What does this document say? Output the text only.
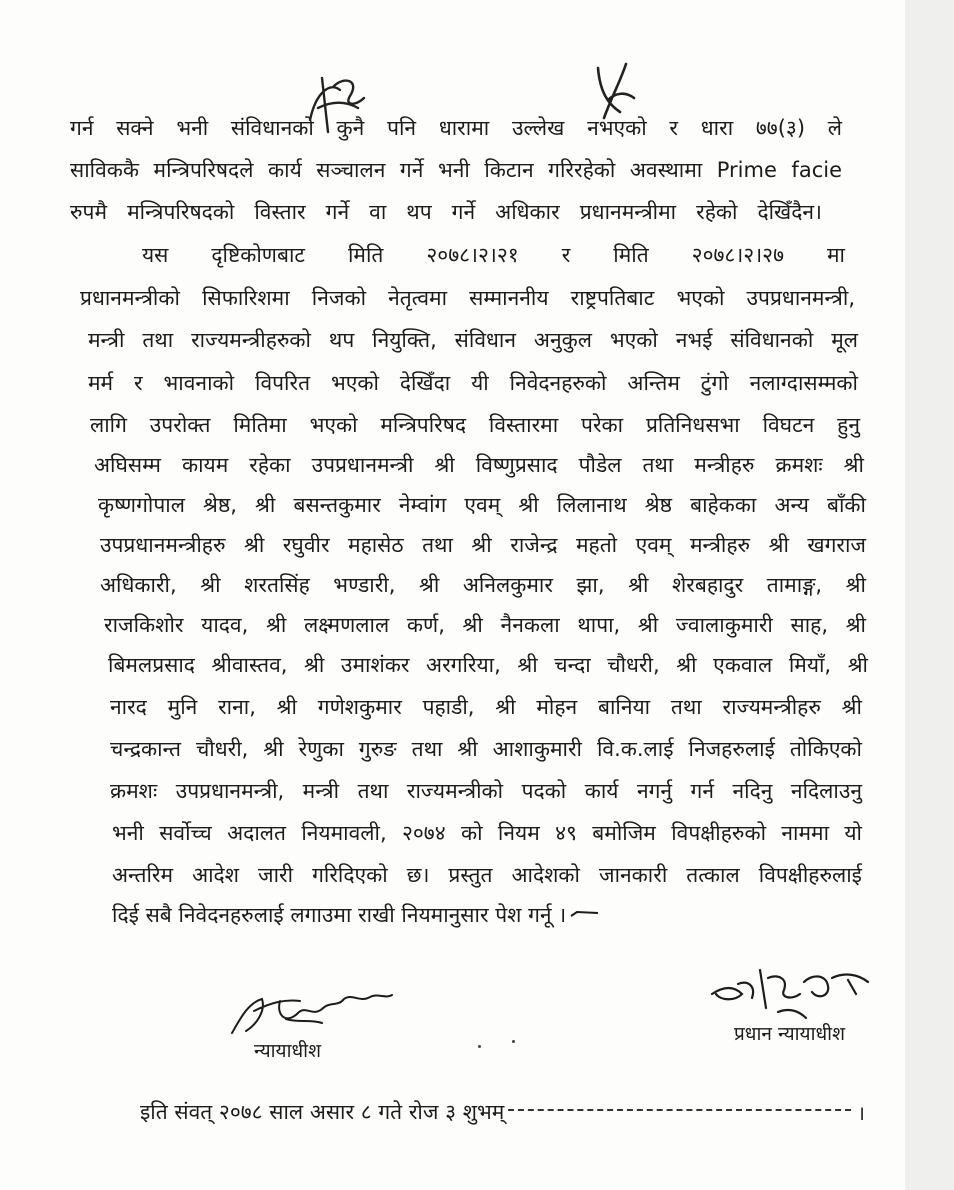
गर्न सक्ने भनी संविधानको कुनै पनि धारामा उल्लेख नभएको र धारा ७७(३) ले
साविककै मन्त्रिपरिषदले कार्य सञ्चालन गर्ने भनी किटान गरिरहेको अवस्थामा Prime facie
रुपमै मन्त्रिपरिषदको विस्तार गर्ने वा थप गर्ने अधिकार प्रधानमन्त्रीमा रहेको देखिँदैन।
यस दृष्टिकोणबाट मिति २०७८।२।२१ र मिति २०७८।२।२७ मा
प्रधानमन्त्रीको सिफारिशमा निजको नेतृत्वमा सम्माननीय राष्ट्रपतिबाट भएको उपप्रधानमन्त्री,
मन्त्री तथा राज्यमन्त्रीहरुको थप नियुक्ति, संविधान अनुकुल भएको नभई संविधानको मूल
मर्म र भावनाको विपरित भएको देखिँदा यी निवेदनहरुको अन्तिम टुंगो नलाग्दासम्मको
लागि उपरोक्त मितिमा भएको मन्त्रिपरिषद विस्तारमा परेका प्रतिनिधसभा विघटन हुनु
अघिसम्म कायम रहेका उपप्रधानमन्त्री श्री विष्णुप्रसाद पौडेल तथा मन्त्रीहरु क्रमशः श्री
कृष्णगोपाल श्रेष्ठ, श्री बसन्तकुमार नेम्वांग एवम् श्री लिलानाथ श्रेष्ठ बाहेकका अन्य बाँकी
उपप्रधानमन्त्रीहरु श्री रघुवीर महासेठ तथा श्री राजेन्द्र महतो एवम् मन्त्रीहरु श्री खगराज
अधिकारी, श्री शरतसिंह भण्डारी, श्री अनिलकुमार झा, श्री शेरबहादुर तामाङ्ग, श्री
राजकिशोर यादव, श्री लक्ष्मणलाल कर्ण, श्री नैनकला थापा, श्री ज्वालाकुमारी साह, श्री
बिमलप्रसाद श्रीवास्तव, श्री उमाशंकर अरगरिया, श्री चन्दा चौधरी, श्री एकवाल मियाँ, श्री
नारद मुनि राना, श्री गणेशकुमार पहाडी, श्री मोहन बानिया तथा राज्यमन्त्रीहरु श्री
चन्द्रकान्त चौधरी, श्री रेणुका गुरुङ तथा श्री आशाकुमारी वि.क.लाई निजहरुलाई तोकिएको
क्रमशः उपप्रधानमन्त्री, मन्त्री तथा राज्यमन्त्रीको पदको कार्य नगर्नु गर्न नदिनु नदिलाउनु
भनी सर्वोच्च अदालत नियमावली, २०७४ को नियम ४९ बमोजिम विपक्षीहरुको नाममा यो
अन्तरिम आदेश जारी गरिदिएको छ। प्रस्तुत आदेशको जानकारी तत्काल विपक्षीहरुलाई
दिई सबै निवेदनहरुलाई लगाउमा राखी नियमानुसार पेश गर्नू ।
न्यायाधीश
प्रधान न्यायाधीश
इति संवत् २०७८ साल असार ८ गते रोज ३ शुभम्	।
